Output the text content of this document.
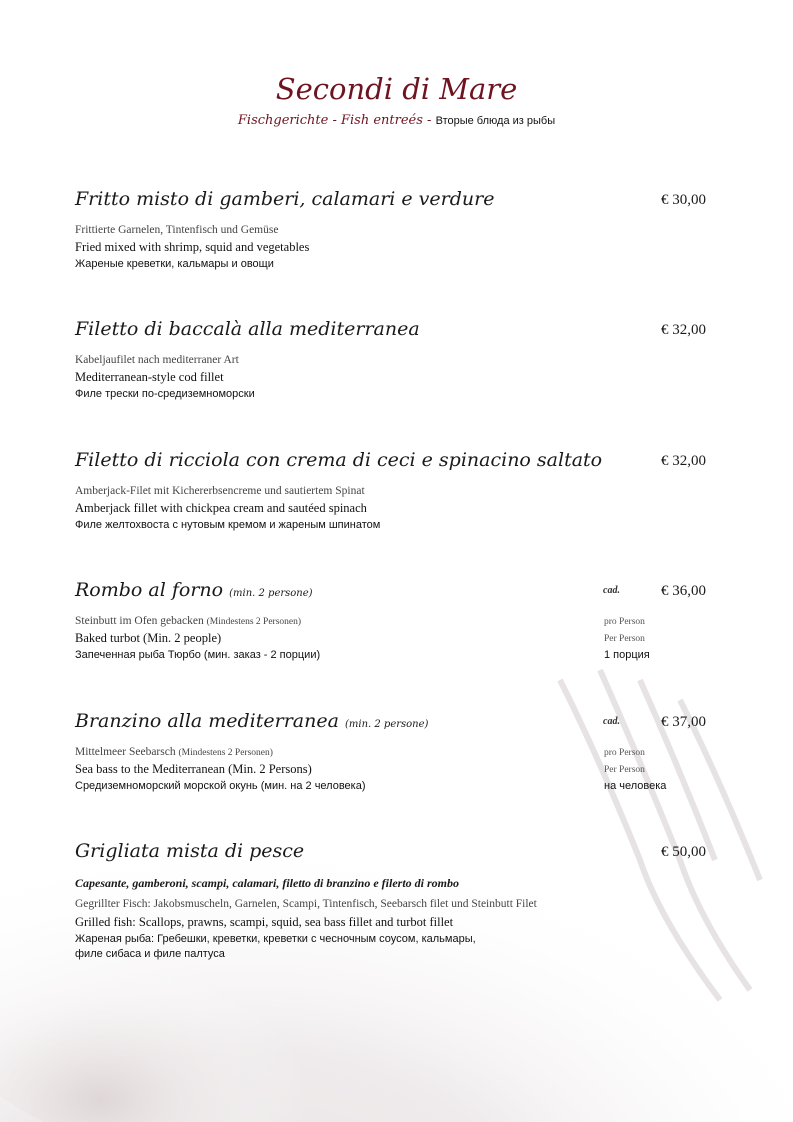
Secondi di Mare
Fischgerichte - Fish entreés - Вторые блюда из рыбы
Fritto misto di gamberi, calamari e verdure	€ 30,00
Frittierte Garnelen, Tintenfisch und Gemüse
Fried mixed with shrimp, squid and vegetables
Жареные креветки, кальмары и овощи
Filetto di baccalà alla mediterranea	€ 32,00
Kabeljaufilet nach mediterraner Art
Mediterranean-style cod fillet
Филе трески по-средиземноморски
Filetto di ricciola con crema di ceci e spinacino saltato	€ 32,00
Amberjack-Filet mit Kichererbsencreme und sautiertem Spinat
Amberjack fillet with chickpea cream and sautéed spinach
Филе желтохвоста с нутовым кремом и жареным шпинатом
Rombo al forno (min. 2 persone)	cad.	€ 36,00
Steinbutt im Ofen gebacken (Mindestens 2 Personen)
Baked turbot (Min. 2 people)
Запеченная рыба Тюрбо (мин. заказ - 2 порции)
pro Person
Per Person
1 порция
Branzino alla mediterranea (min. 2 persone)	cad.	€ 37,00
Mittelmeer Seebarsch (Mindestens 2 Personen)
Sea bass to the Mediterranean (Min. 2 Persons)
Средиземноморский морской окунь (мин. на 2 человека)
pro Person
Per Person
на человека
Grigliata mista di pesce	€ 50,00
Capesante, gamberoni, scampi, calamari, filetto di branzino e filerto di rombo
Gegrillter Fisch: Jakobsmuscheln, Garnelen, Scampi, Tintenfisch, Seebarsch filet und Steinbutt Filet
Grilled fish: Scallops, prawns, scampi, squid, sea bass fillet and turbot fillet
Жареная рыба: Гребешки, креветки, креветки с чесночным соусом, кальмары,
филе сибаса и филе палтуса
